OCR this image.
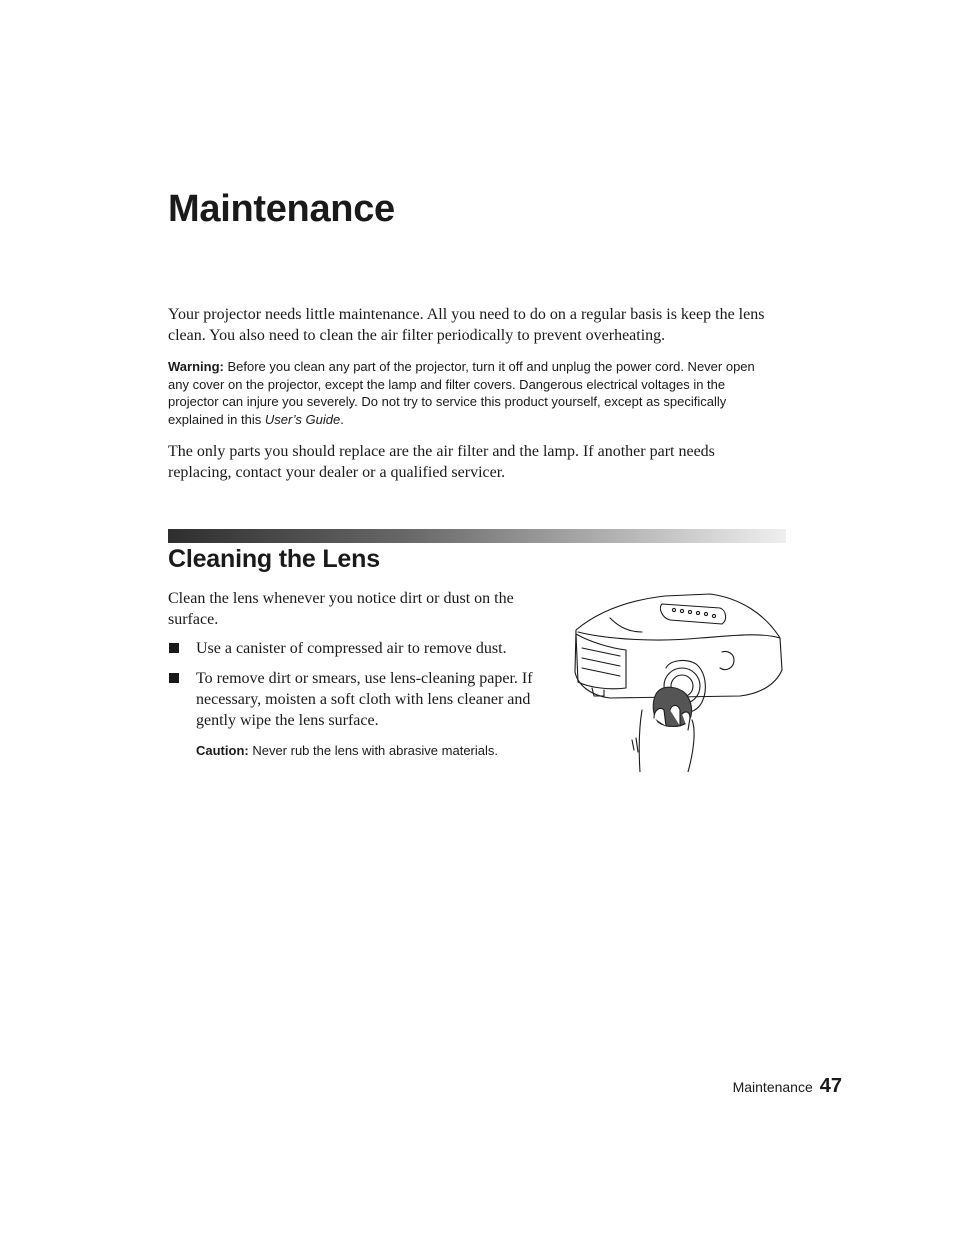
Maintenance

Your projector needs little maintenance. All you need to do on a regular basis is keep the lens clean. You also need to clean the air filter periodically to prevent overheating.

Warning: Before you clean any part of the projector, turn it off and unplug the power cord. Never open any cover on the projector, except the lamp and filter covers. Dangerous electrical voltages in the projector can injure you severely. Do not try to service this product yourself, except as specifically explained in this User’s Guide.

The only parts you should replace are the air filter and the lamp. If another part needs replacing, contact your dealer or a qualified servicer.

Cleaning the Lens

Clean the lens whenever you notice dirt or dust on the surface.

Use a canister of compressed air to remove dust.
To remove dirt or smears, use lens-cleaning paper. If necessary, moisten a soft cloth with lens cleaner and gently wipe the lens surface.

Caution: Never rub the lens with abrasive materials.

Maintenance 47
